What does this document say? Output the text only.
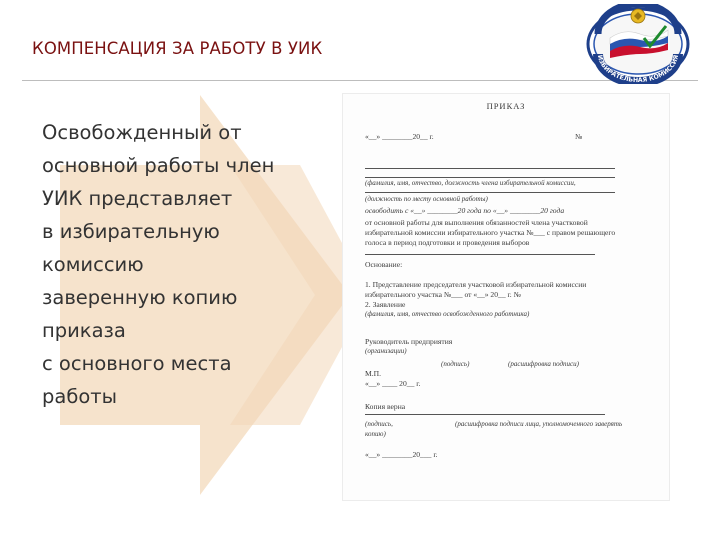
КОМПЕНСАЦИЯ ЗА РАБОТУ В УИК	ИЗБИРАТЕЛЬНАЯ КОМИССИЯ
Освобожденный от
основной работы член
УИК представляет
в избирательную
комиссию
заверенную копию
приказа
с основного места
работы
ПРИКАЗ
«__» ________20__ г.	№
(фамилия, имя, отчество, должность члена избирательной комиссии,
(должность по месту основной работы)
освободить с «__» ________20 года по «__» ________20 года
от основной работы для выполнения обязанностей члена участковой
избирательной комиссии избирательного участка №___ с правом решающего
голоса в период подготовки и проведения выборов
Основание:
1. Представление председателя участковой избирательной комиссии
избирательного участка №___ от «__» 20__ г. №
2. Заявление
(фамилия, имя, отчество освобожденного работника)
Руководитель предприятия
(организации)
(подпись)	(расшифровка подписи)
М.П.
«__» ____ 20__ г.
Копия верна
(подпись,	(расшифровка подписи лица, уполномоченного заверять
копию)
«__» ________20___ г.
